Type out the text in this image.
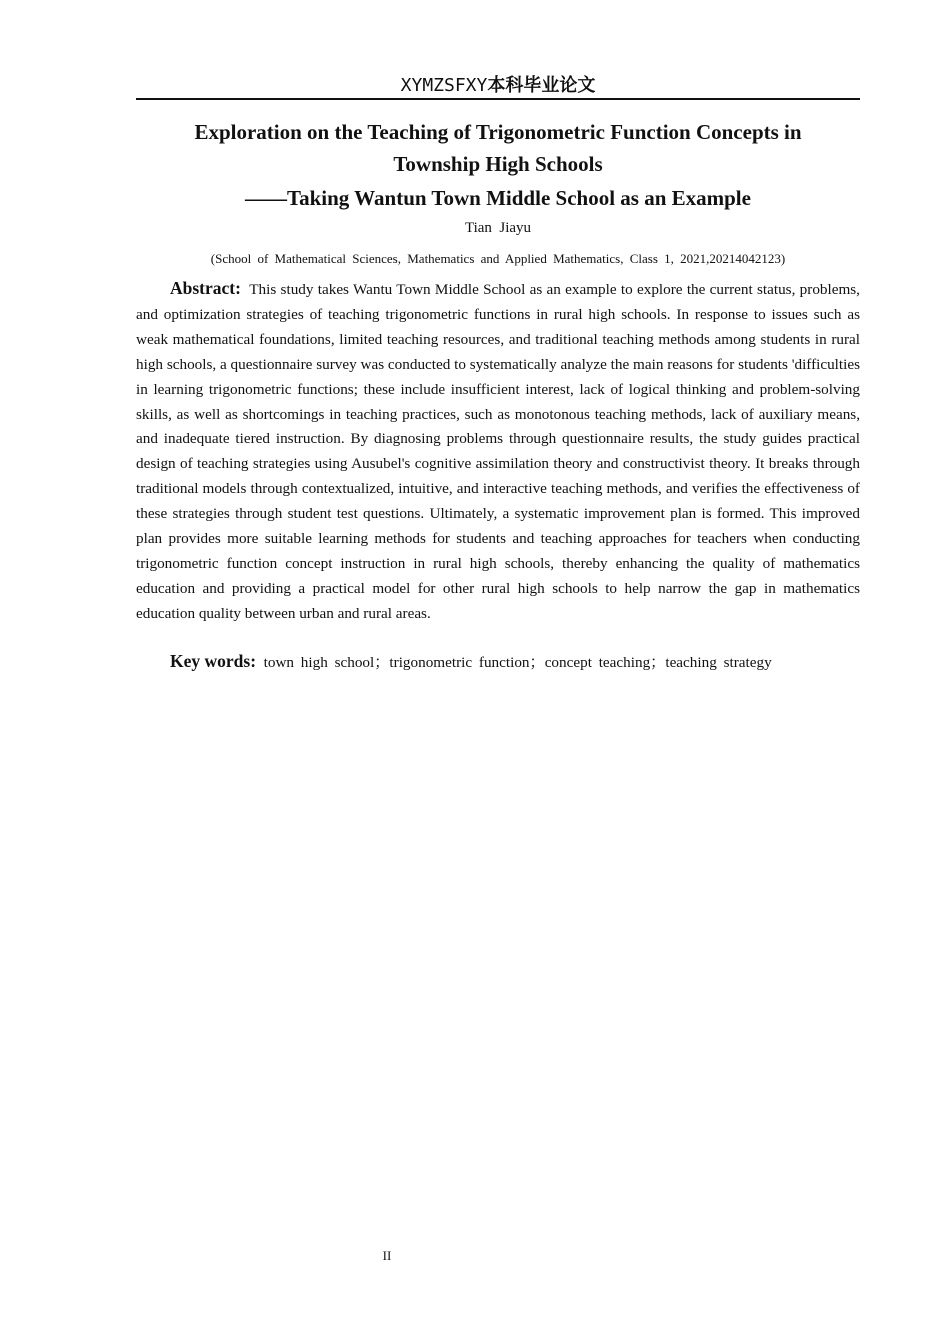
XYMZSFXY本科毕业论文
Exploration on the Teaching of Trigonometric Function Concepts in Township High Schools
——Taking Wantun Town Middle School as an Example
Tian  Jiayu
(School of Mathematical Sciences, Mathematics and Applied Mathematics, Class 1, 2021,20214042123)

Abstract: This study takes Wantu Town Middle School as an example to explore the current status, problems, and optimization strategies of teaching trigonometric functions in rural high schools. In response to issues such as weak mathematical foundations, limited teaching resources, and traditional teaching methods among students in rural high schools, a questionnaire survey was conducted to systematically analyze the main reasons for students 'difficulties in learning trigonometric functions; these include insufficient interest, lack of logical thinking and problem-solving skills, as well as shortcomings in teaching practices, such as monotonous teaching methods, lack of auxiliary means, and inadequate tiered instruction. By diagnosing problems through questionnaire results, the study guides practical design of teaching strategies using Ausubel's cognitive assimilation theory and constructivist theory. It breaks through traditional models through contextualized, intuitive, and interactive teaching methods, and verifies the effectiveness of these strategies through student test questions. Ultimately, a systematic improvement plan is formed. This improved plan provides more suitable learning methods for students and teaching approaches for teachers when conducting trigonometric function concept instruction in rural high schools, thereby enhancing the quality of mathematics education and providing a practical model for other rural high schools to help narrow the gap in mathematics education quality between urban and rural areas.

Key words: town high school；trigonometric function；concept teaching；teaching strategy

II
